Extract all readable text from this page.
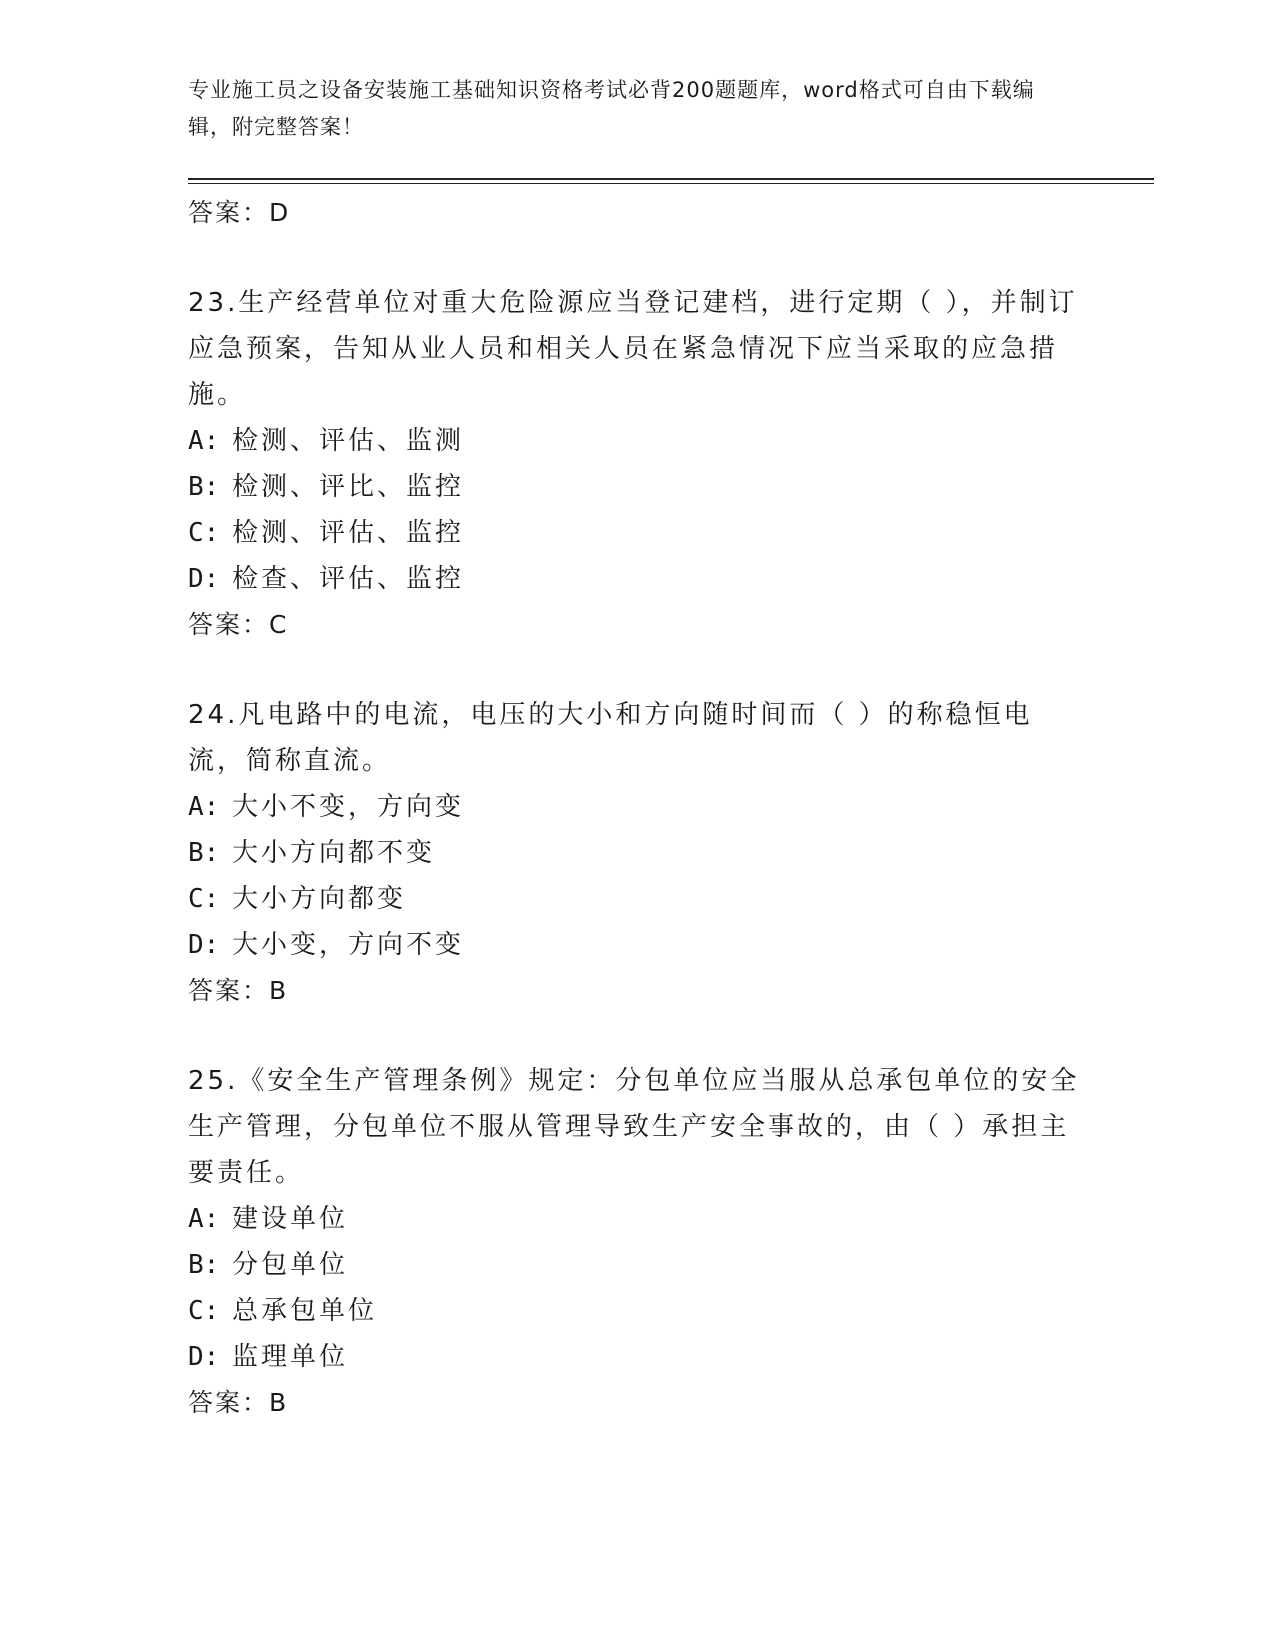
专业施工员之设备安装施工基础知识资格考试必背200题题库，word格式可自由下载编辑，附完整答案！
答案：D

23.生产经营单位对重大危险源应当登记建档，进行定期（ ），并制订应急预案，告知从业人员和相关人员在紧急情况下应当采取的应急措施。

A: 检测、评估、监测
B: 检测、评比、监控
C: 检测、评估、监控
D: 检查、评估、监控
答案：C

24.凡电路中的电流，电压的大小和方向随时间而（ ）的称稳恒电流，简称直流。

A: 大小不变，方向变
B: 大小方向都不变
C: 大小方向都变
D: 大小变，方向不变
答案：B

25.《安全生产管理条例》规定：分包单位应当服从总承包单位的安全生产管理，分包单位不服从管理导致生产安全事故的，由（ ）承担主要责任。

A: 建设单位
B: 分包单位
C: 总承包单位
D: 监理单位
答案：B
